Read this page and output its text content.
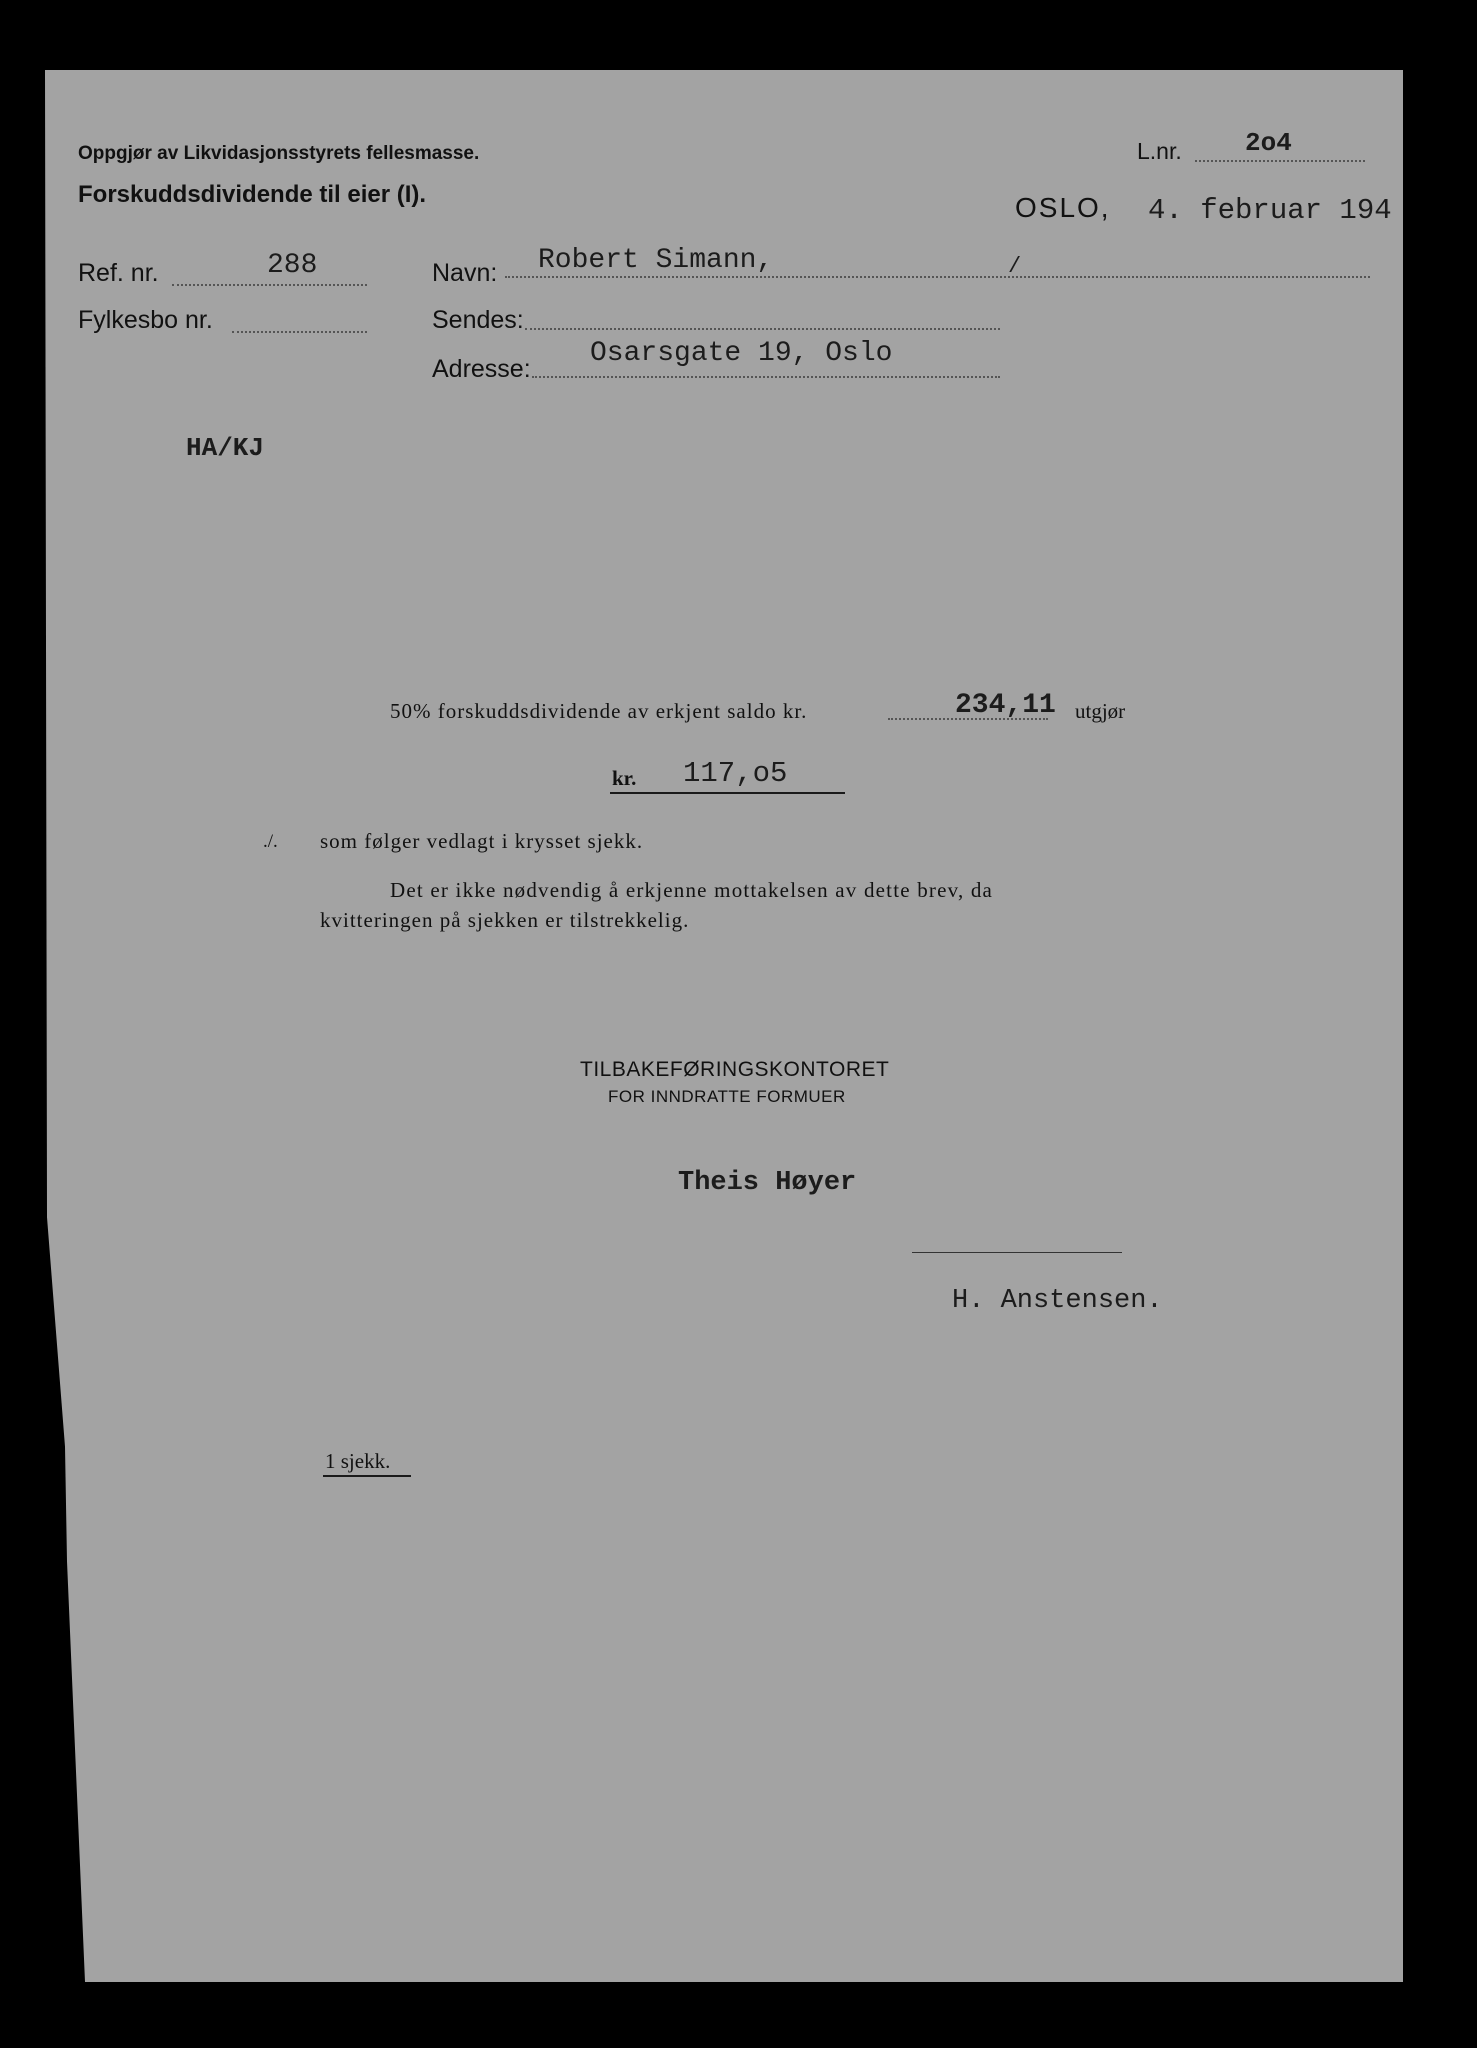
Oppgjør av Likvidasjonsstyrets fellesmasse.
Forskuddsdividende til eier (I).
L.nr. 2o4
OSLO, 4. februar 194
Ref. nr.	288
Fylkesbo nr.
Navn: Robert Simann,	/
Sendes:
Adresse: Osarsgate 19, Oslo
HA/KJ
50% forskuddsdividende av erkjent saldo kr.	234,11 utgjør
kr. 117,o5
./. som følger vedlagt i krysset sjekk.
Det er ikke nødvendig å erkjenne mottakelsen av dette brev, da
kvitteringen på sjekken er tilstrekkelig.
TILBAKEFØRINGSKONTORET
FOR INNDRATTE FORMUER
Theis Høyer
H. Anstensen.
1 sjekk.
